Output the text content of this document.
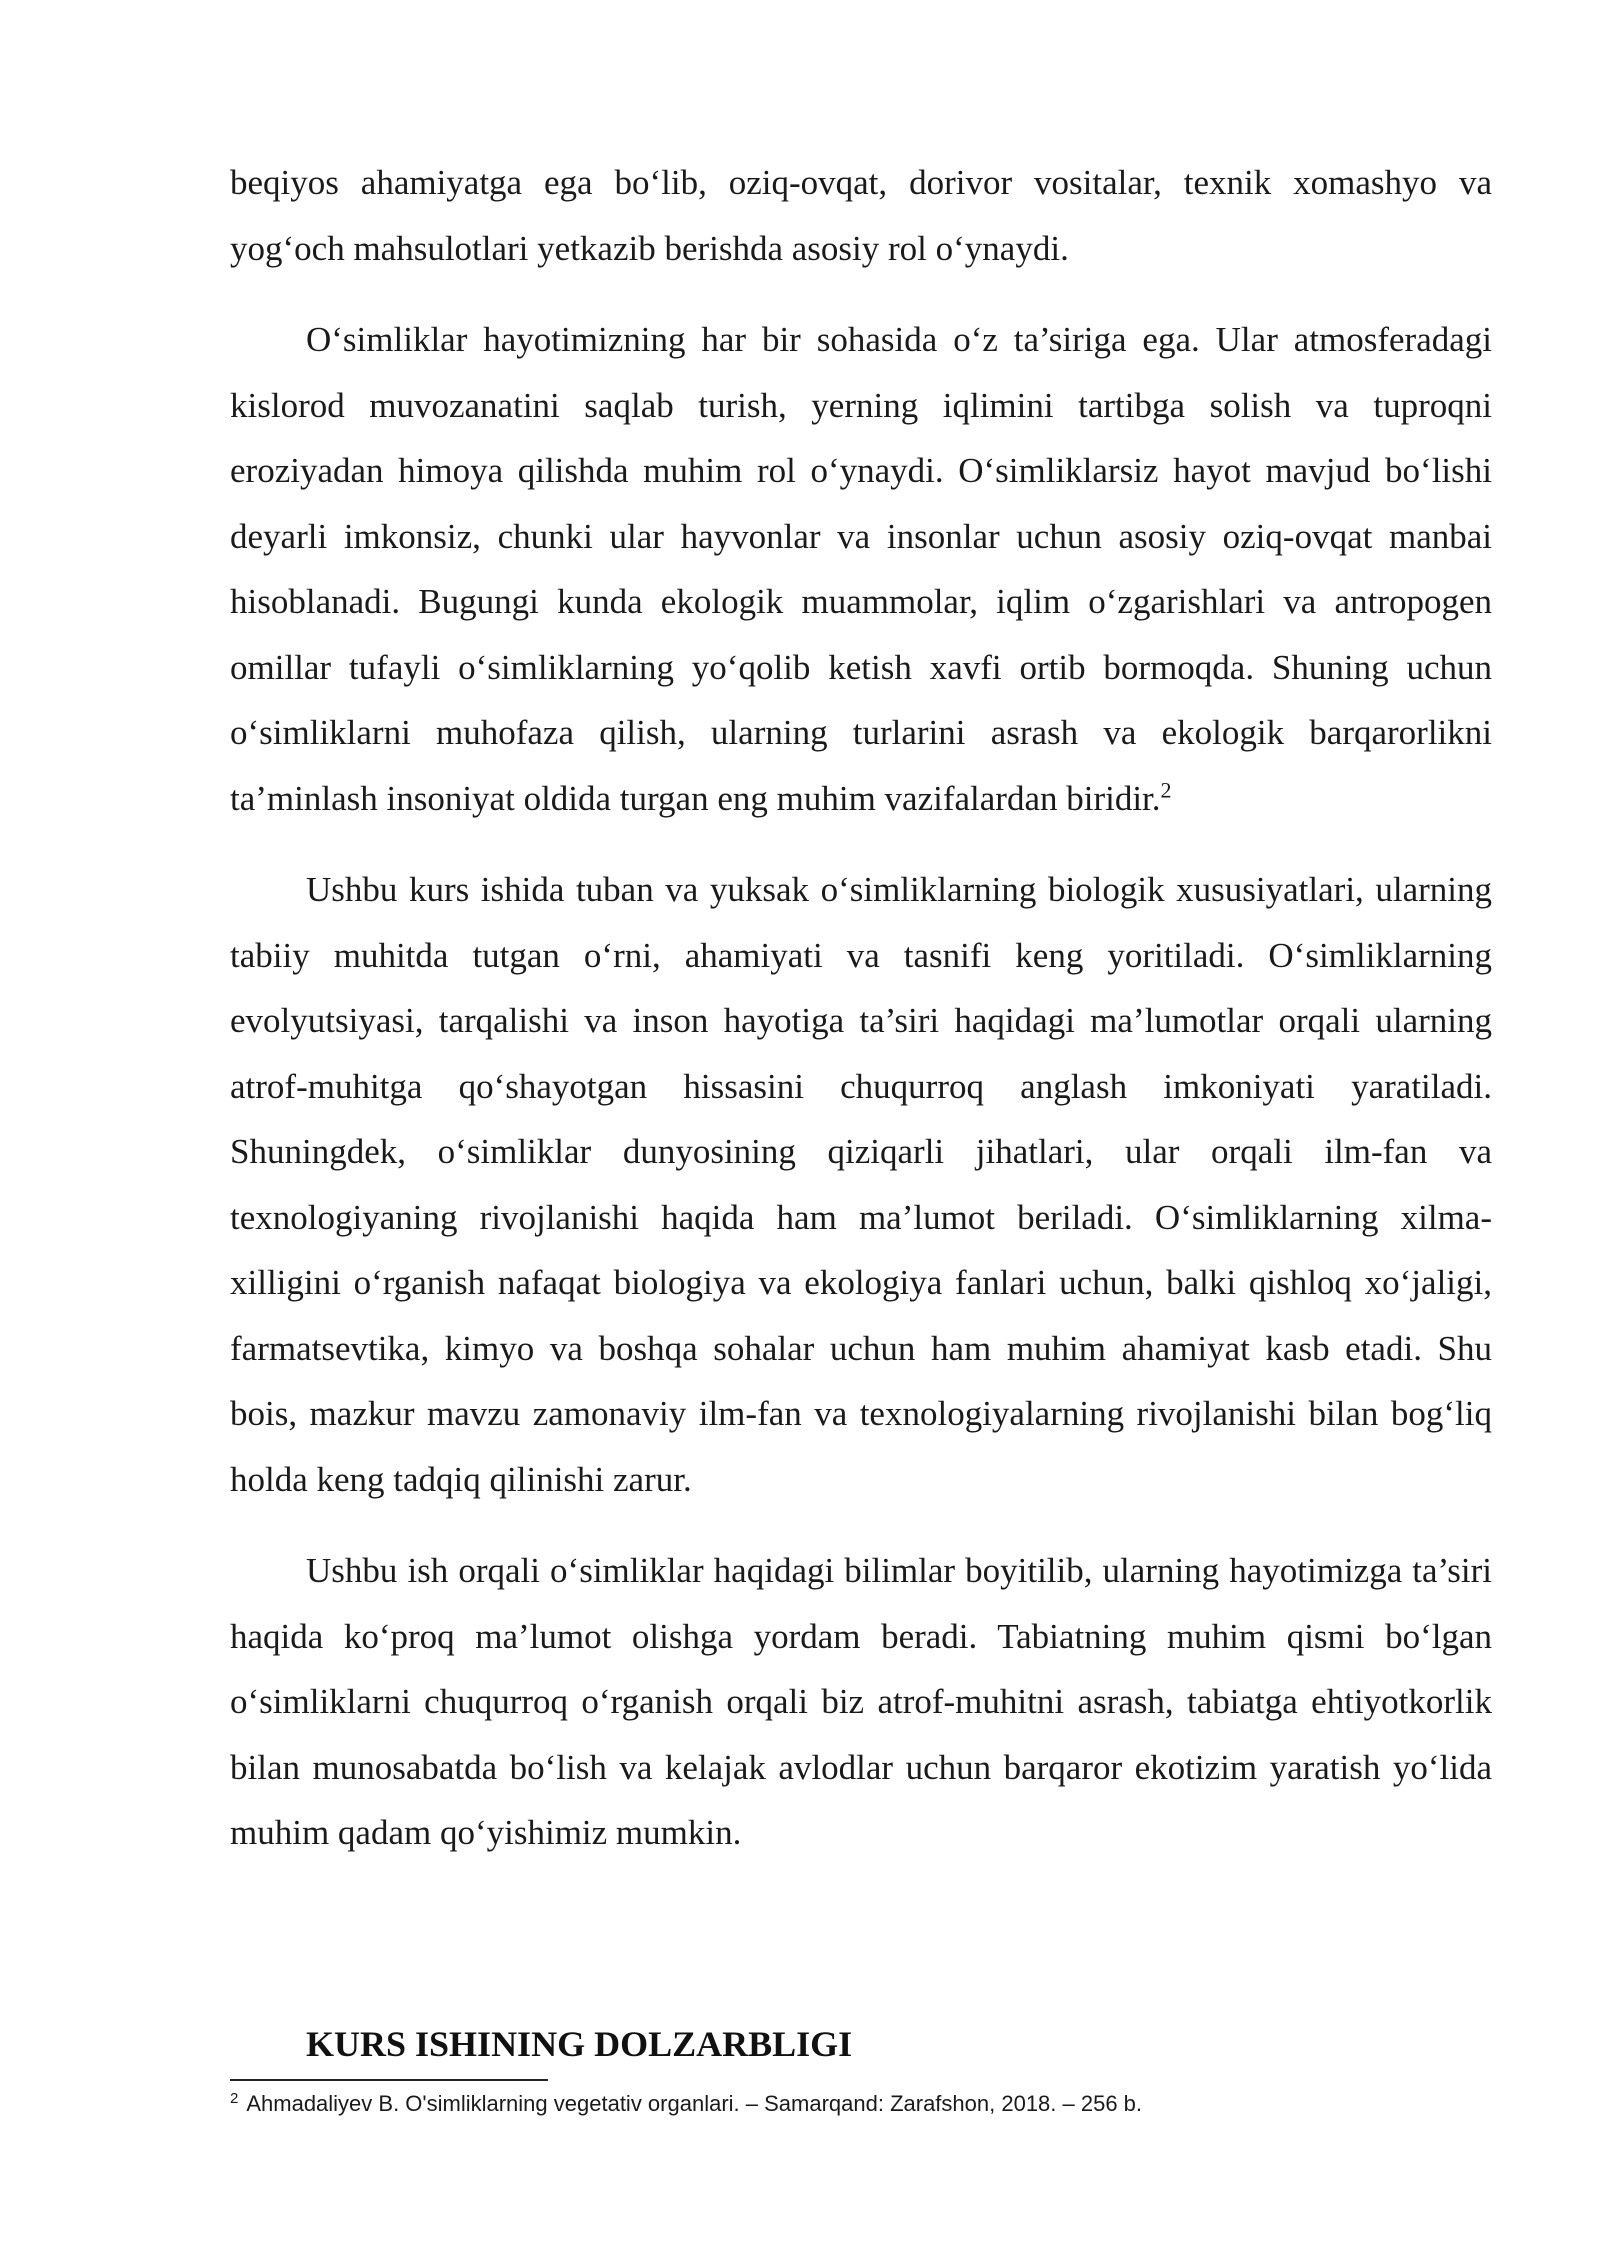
beqiyos ahamiyatga ega bo‘lib, oziq-ovqat, dorivor vositalar, texnik xomashyo va yog‘och mahsulotlari yetkazib berishda asosiy rol o‘ynaydi.

O‘simliklar hayotimizning har bir sohasida o‘z ta’siriga ega. Ular atmosferadagi kislorod muvozanatini saqlab turish, yerning iqlimini tartibga solish va tuproqni eroziyadan himoya qilishda muhim rol o‘ynaydi. O‘simliklarsiz hayot mavjud bo‘lishi deyarli imkonsiz, chunki ular hayvonlar va insonlar uchun asosiy oziq-ovqat manbai hisoblanadi. Bugungi kunda ekologik muammolar, iqlim o‘zgarishlari va antropogen omillar tufayli o‘simliklarning yo‘qolib ketish xavfi ortib bormoqda. Shuning uchun o‘simliklarni muhofaza qilish, ularning turlarini asrash va ekologik barqarorlikni ta’minlash insoniyat oldida turgan eng muhim vazifalardan biridir.$^2$

Ushbu kurs ishida tuban va yuksak o‘simliklarning biologik xususiyatlari, ularning tabiiy muhitda tutgan o‘rni, ahamiyati va tasnifi keng yoritiladi. O‘simliklarning evolyutsiyasi, tarqalishi va inson hayotiga ta’siri haqidagi ma’lumotlar orqali ularning atrof-muhitga qo‘shayotgan hissasini chuqurroq anglash imkoniyati yaratiladi. Shuningdek, o‘simliklar dunyosining qiziqarli jihatlari, ular orqali ilm-fan va texnologiyaning rivojlanishi haqida ham ma’lumot beriladi. O‘simliklarning xilma-xilligini o‘rganish nafaqat biologiya va ekologiya fanlari uchun, balki qishloq xo‘jaligi, farmatsevtika, kimyo va boshqa sohalar uchun ham muhim ahamiyat kasb etadi. Shu bois, mazkur mavzu zamonaviy ilm-fan va texnologiyalarning rivojlanishi bilan bog‘liq holda keng tadqiq qilinishi zarur.

Ushbu ish orqali o‘simliklar haqidagi bilimlar boyitilib, ularning hayotimizga ta’siri haqida ko‘proq ma’lumot olishga yordam beradi. Tabiatning muhim qismi bo‘lgan o‘simliklarni chuqurroq o‘rganish orqali biz atrof-muhitni asrash, tabiatga ehtiyotkorlik bilan munosabatda bo‘lish va kelajak avlodlar uchun barqaror ekotizim yaratish yo‘lida muhim qadam qo‘yishimiz mumkin.

KURS ISHINING DOLZARBLIGI
$^2$ Ahmadaliyev B. O'simliklarning vegetativ organlari. – Samarqand: Zarafshon, 2018. – 256 b.
